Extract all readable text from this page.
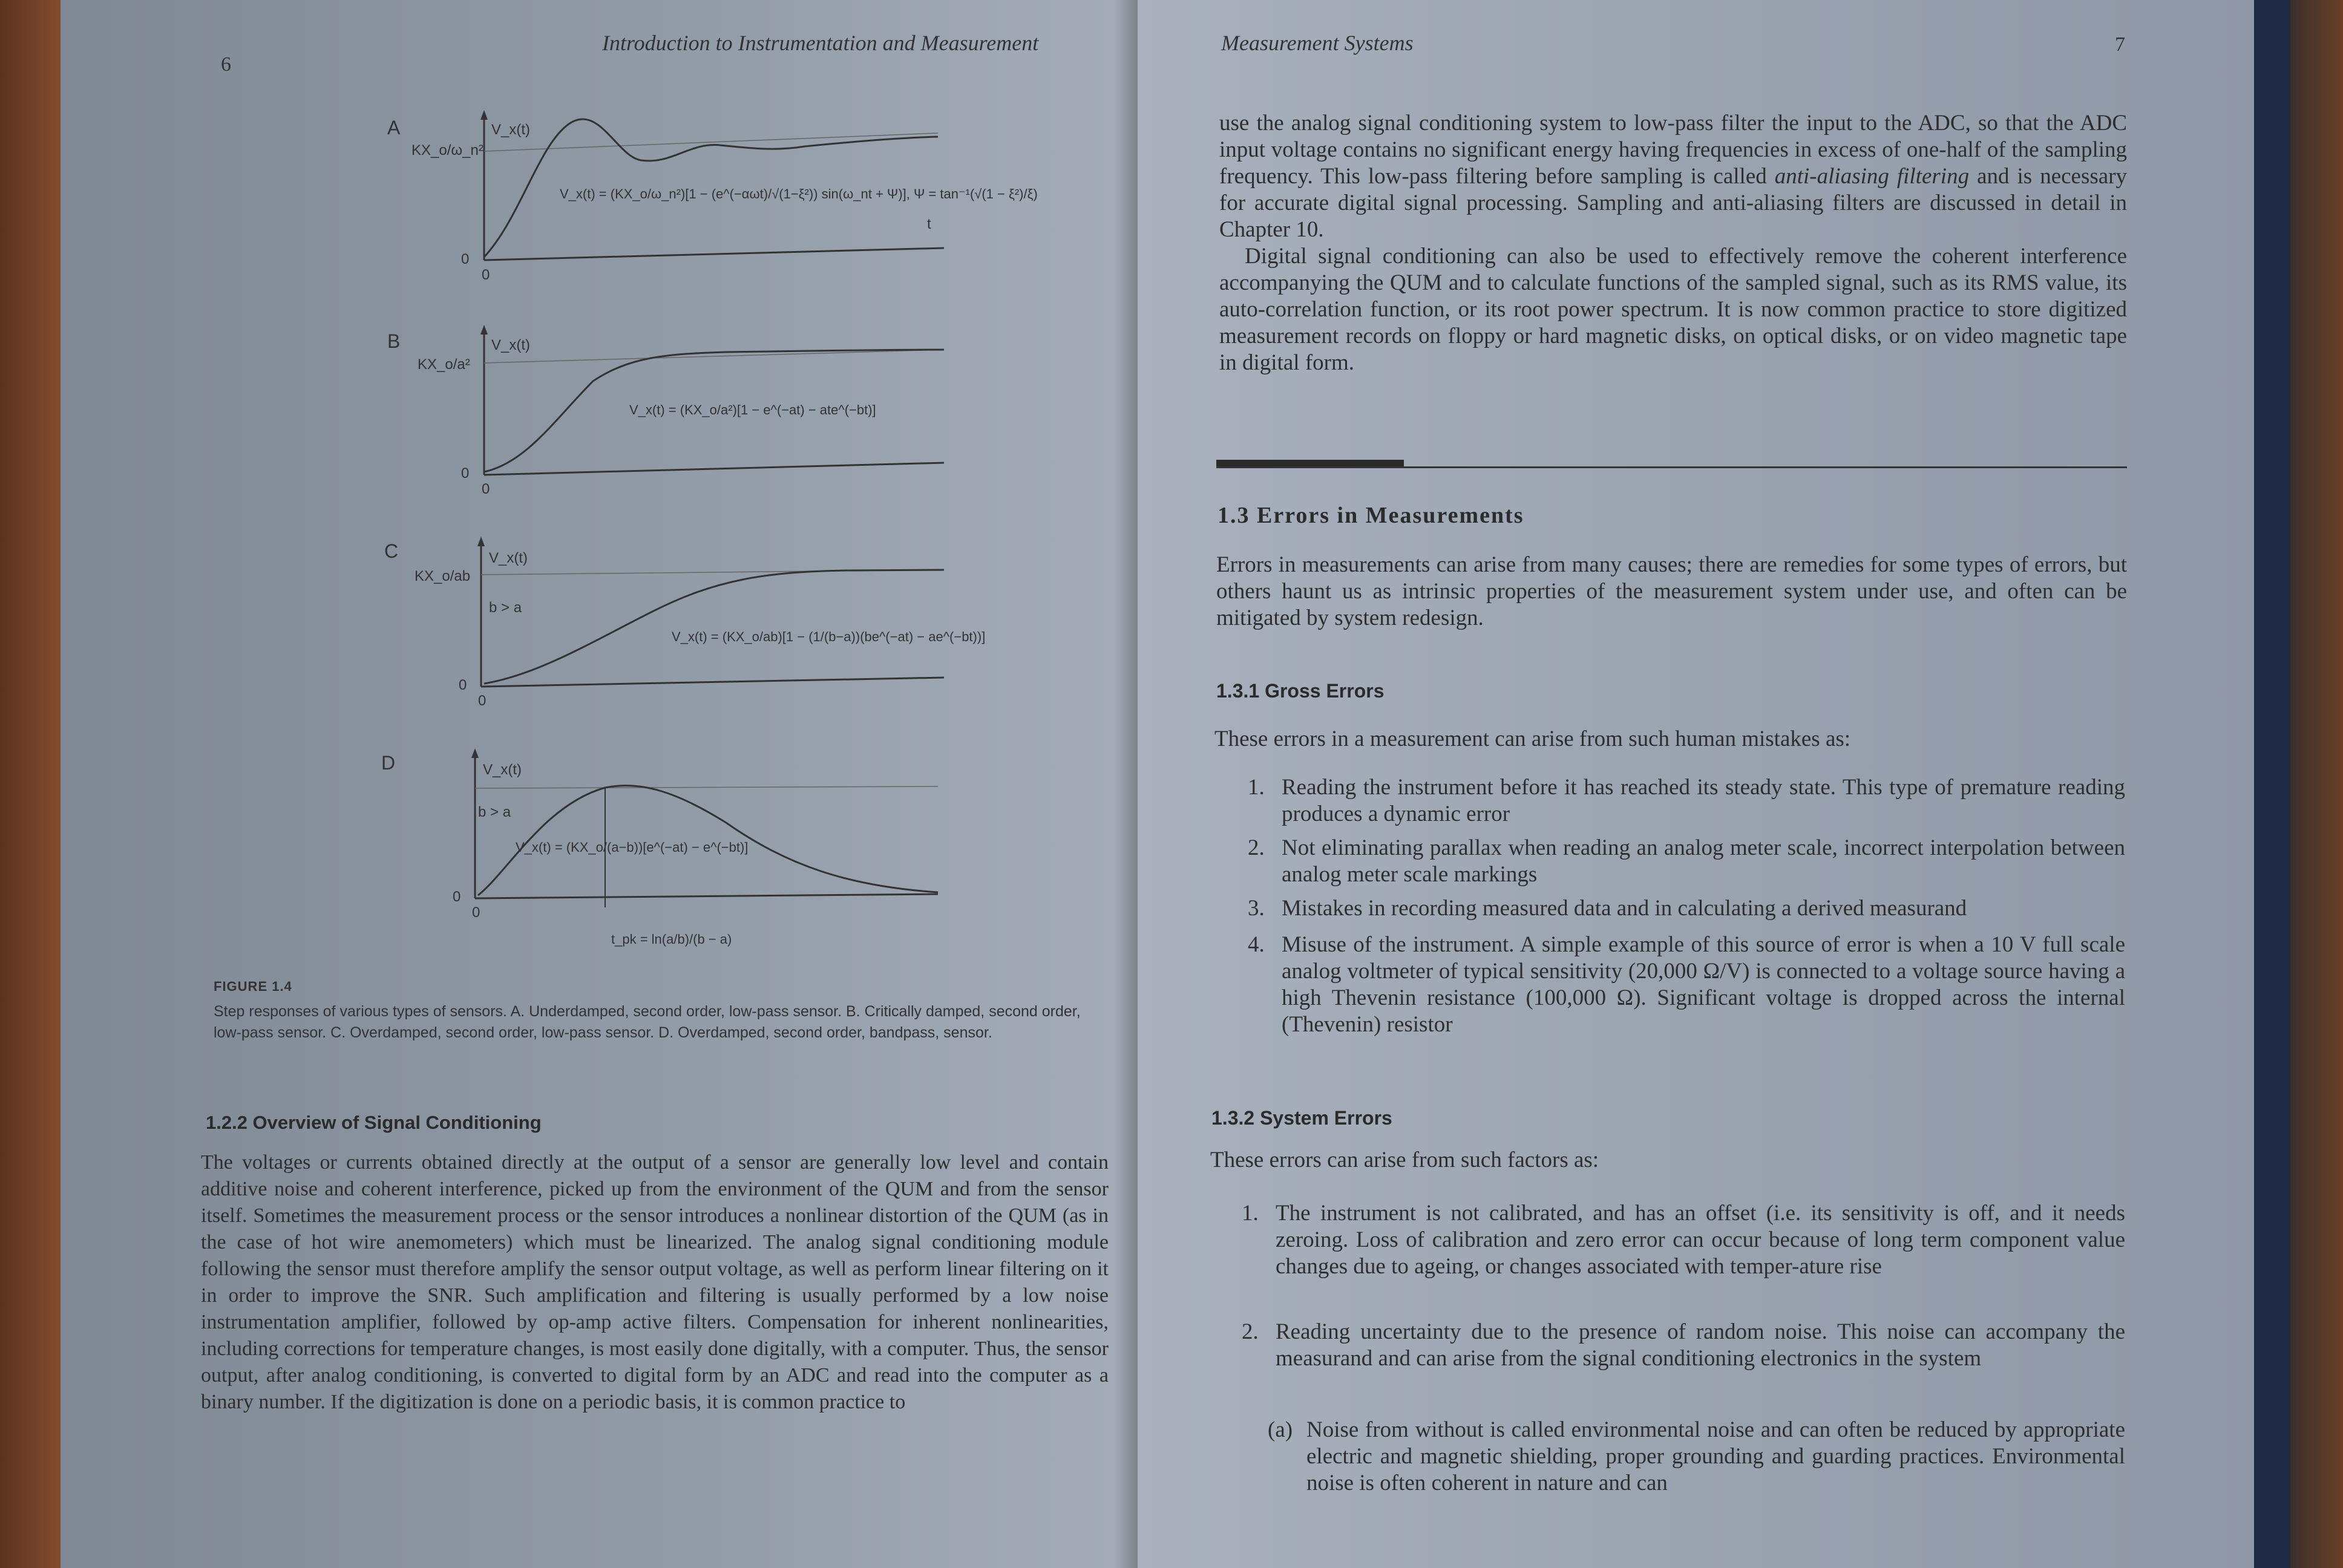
6
Introduction to Instrumentation and Measurement
A	V_x(t)
KX_o/ω_n²
V_x(t) = (KX_o/ω_n²)[1 − (e^(−αωt)/√(1−ξ²)) sin(ω_nt + Ψ)], Ψ = tan⁻¹(√(1 − ξ²)/ξ)
t
0
0
B	V_x(t)
KX_o/a²
V_x(t) = (KX_o/a²)[1 − e^(−at) − ate^(−bt)]
0
0
C	V_x(t)
KX_o/ab
b > a
V_x(t) = (KX_o/ab)[1 − (1/(b−a))(be^(−at) − ae^(−bt))]
0
0
D	V_x(t)
b > a
V_x(t) = (KX_o/(a−b))[e^(−at) − e^(−bt)]
t_pk = ln(a/b)/(b − a)
0
0
FIGURE 1.4
Step responses of various types of sensors. A. Underdamped, second order, low-pass sensor. B. Critically damped, second order, low-pass sensor. C. Overdamped, second order, low-pass sensor. D. Overdamped, second order, bandpass, sensor.
1.2.2 Overview of Signal Conditioning
The voltages or currents obtained directly at the output of a sensor are generally low level and contain additive noise and coherent interference, picked up from the environment of the QUM and from the sensor itself. Sometimes the measurement process or the sensor introduces a nonlinear distortion of the QUM (as in the case of hot wire anemometers) which must be linearized. The analog signal conditioning module following the sensor must therefore amplify the sensor output voltage, as well as perform linear filtering on it in order to improve the SNR. Such amplification and filtering is usually performed by a low noise instrumentation amplifier, followed by op-amp active filters. Compensation for inherent nonlinearities, including corrections for temperature changes, is most easily done digitally, with a computer. Thus, the sensor output, after analog conditioning, is converted to digital form by an ADC and read into the computer as a binary number. If the digitization is done on a periodic basis, it is common practice to
Measurement Systems	7

use the analog signal conditioning system to low-pass filter the input to the ADC, so that the ADC input voltage contains no significant energy having frequencies in excess of one-half of the sampling frequency. This low-pass filtering before sampling is called anti-aliasing filtering and is necessary for accurate digital signal processing. Sampling and anti-aliasing filters are discussed in detail in Chapter 10.

Digital signal conditioning can also be used to effectively remove the coherent interference accompanying the QUM and to calculate functions of the sampled signal, such as its RMS value, its auto-correlation function, or its root power spectrum. It is now common practice to store digitized measurement records on floppy or hard magnetic disks, on optical disks, or on video magnetic tape in digital form.

1.3 Errors in Measurements
Errors in measurements can arise from many causes; there are remedies for some types of errors, but others haunt us as intrinsic properties of the measurement system under use, and often can be mitigated by system redesign.
1.3.1 Gross Errors
These errors in a measurement can arise from such human mistakes as:
1. Reading the instrument before it has reached its steady state. This type of premature reading produces a dynamic error
2. Not eliminating parallax when reading an analog meter scale, incorrect interpolation between analog meter scale markings
3. Mistakes in recording measured data and in calculating a derived measurand
4. Misuse of the instrument. A simple example of this source of error is when a 10 V full scale analog voltmeter of typical sensitivity (20,000 Ω/V) is connected to a voltage source having a high Thevenin resistance (100,000 Ω). Significant voltage is dropped across the internal (Thevenin) resistor
1.3.2 System Errors
These errors can arise from such factors as:
1. The instrument is not calibrated, and has an offset (i.e. its sensitivity is off, and it needs zeroing. Loss of calibration and zero error can occur because of long term component value changes due to ageing, or changes associated with temper-ature rise
2. Reading uncertainty due to the presence of random noise. This noise can accompany the measurand and can arise from the signal conditioning electronics in the system
(a) Noise from without is called environmental noise and can often be reduced by appropriate electric and magnetic shielding, proper grounding and guarding practices. Environmental noise is often coherent in nature and can
